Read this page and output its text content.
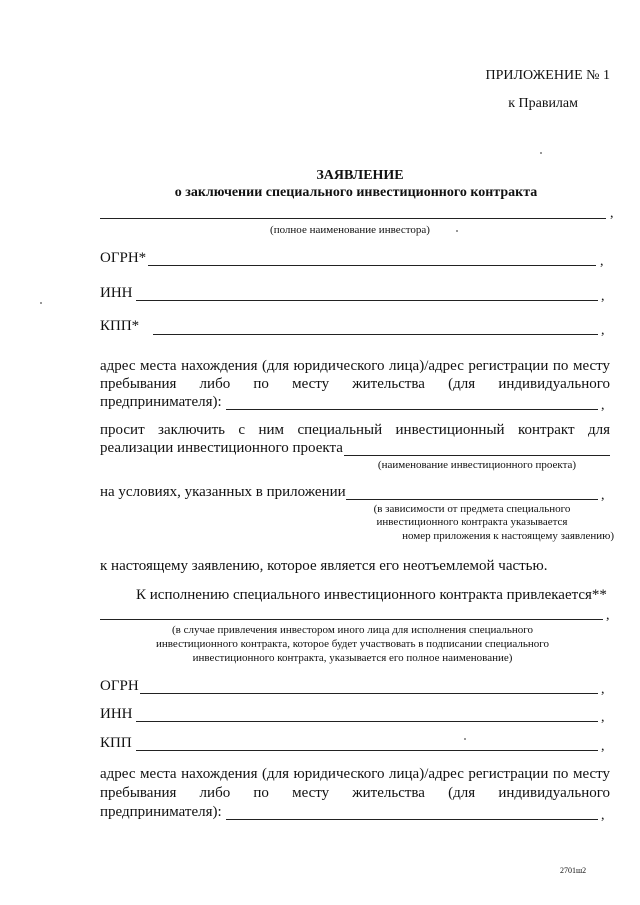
ПРИЛОЖЕНИЕ № 1
к Правилам
ЗАЯВЛЕНИЕ
о заключении специального инвестиционного контракта
,
(полное наименование инвестора)
ОГРН*	,
ИНН	,
КПП*	,
адрес места нахождения (для юридического лица)/адрес регистрации по месту
пребывания либо по месту жительства (для индивидуального
предпринимателя):	,
просит заключить с ним специальный инвестиционный контракт для
реализации инвестиционного проекта
(наименование инвестиционного проекта)
на условиях, указанных в приложении	,
(в зависимости от предмета специального
инвестиционного контракта указывается
номер приложения к настоящему заявлению)
к настоящему заявлению, которое является его неотъемлемой частью.
К исполнению специального инвестиционного контракта привлекается**
,
(в случае привлечения инвестором иного лица для исполнения специального
инвестиционного контракта, которое будет участвовать в подписании специального
инвестиционного контракта, указывается его полное наименование)
ОГРН	,
ИНН	,
КПП	,
адрес места нахождения (для юридического лица)/адрес регистрации по месту
пребывания либо по месту жительства (для индивидуального
предпринимателя):	,
2701ш2
